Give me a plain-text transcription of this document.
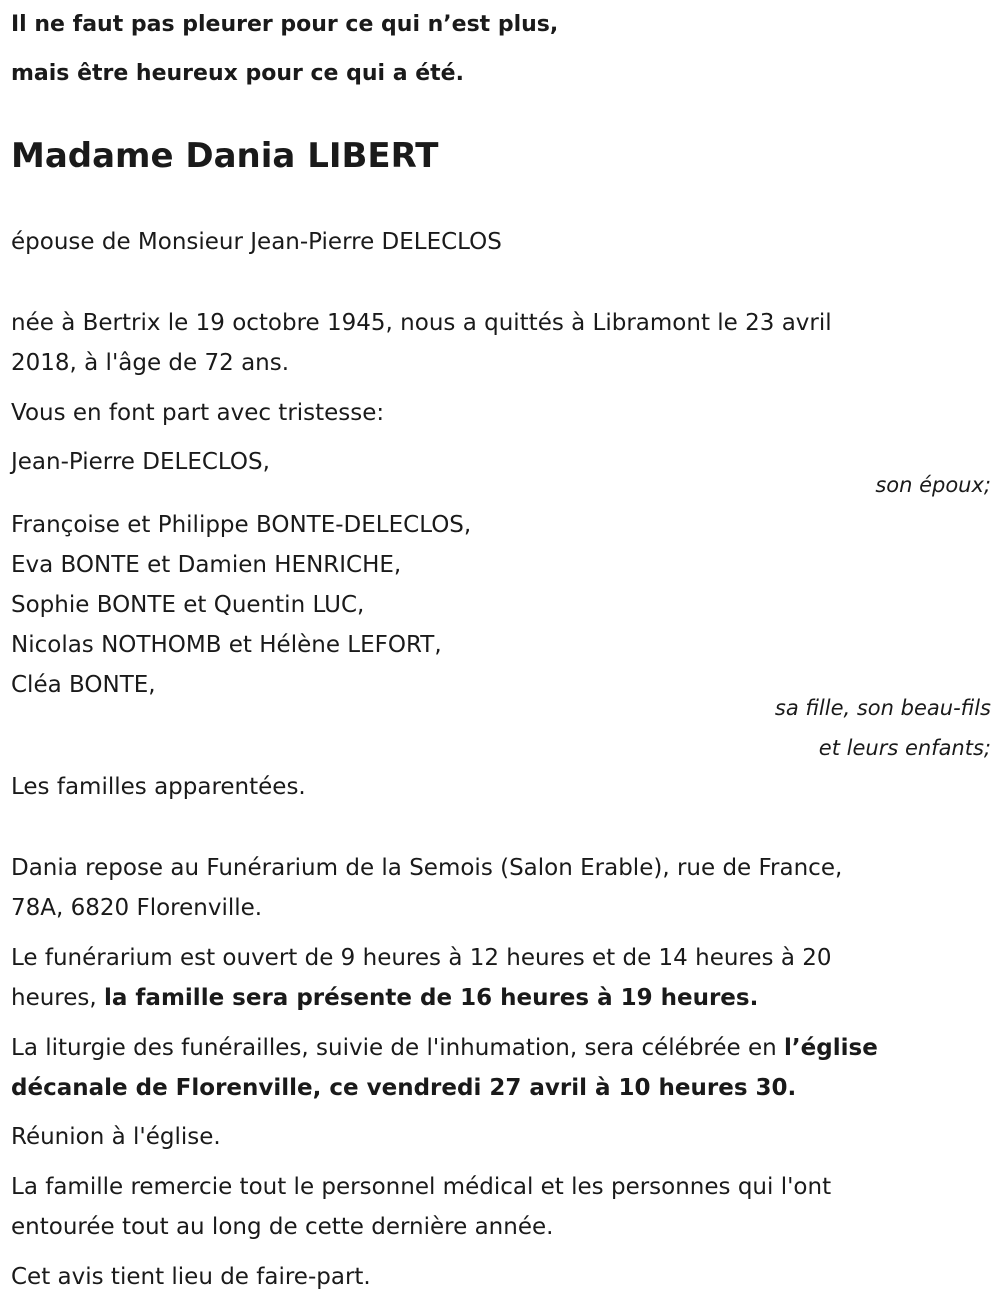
Il ne faut pas pleurer pour ce qui n’est plus,
mais être heureux pour ce qui a été.
Madame Dania LIBERT
épouse de Monsieur Jean-Pierre DELECLOS
née à Bertrix le 19 octobre 1945, nous a quittés à Libramont le 23 avril
2018, à l'âge de 72 ans.
Vous en font part avec tristesse:
Jean-Pierre DELECLOS,
son époux;
Françoise et Philippe BONTE-DELECLOS,
Eva BONTE et Damien HENRICHE,
Sophie BONTE et Quentin LUC,
Nicolas NOTHOMB et Hélène LEFORT,
Cléa BONTE,
sa fille, son beau-fils
et leurs enfants;
Les familles apparentées.
Dania repose au Funérarium de la Semois (Salon Erable), rue de France,
78A, 6820 Florenville.
Le funérarium est ouvert de 9 heures à 12 heures et de 14 heures à 20
heures, la famille sera présente de 16 heures à 19 heures.
La liturgie des funérailles, suivie de l'inhumation, sera célébrée en l’église
décanale de Florenville, ce vendredi 27 avril à 10 heures 30.
Réunion à l'église.
La famille remercie tout le personnel médical et les personnes qui l'ont
entourée tout au long de cette dernière année.
Cet avis tient lieu de faire-part.
